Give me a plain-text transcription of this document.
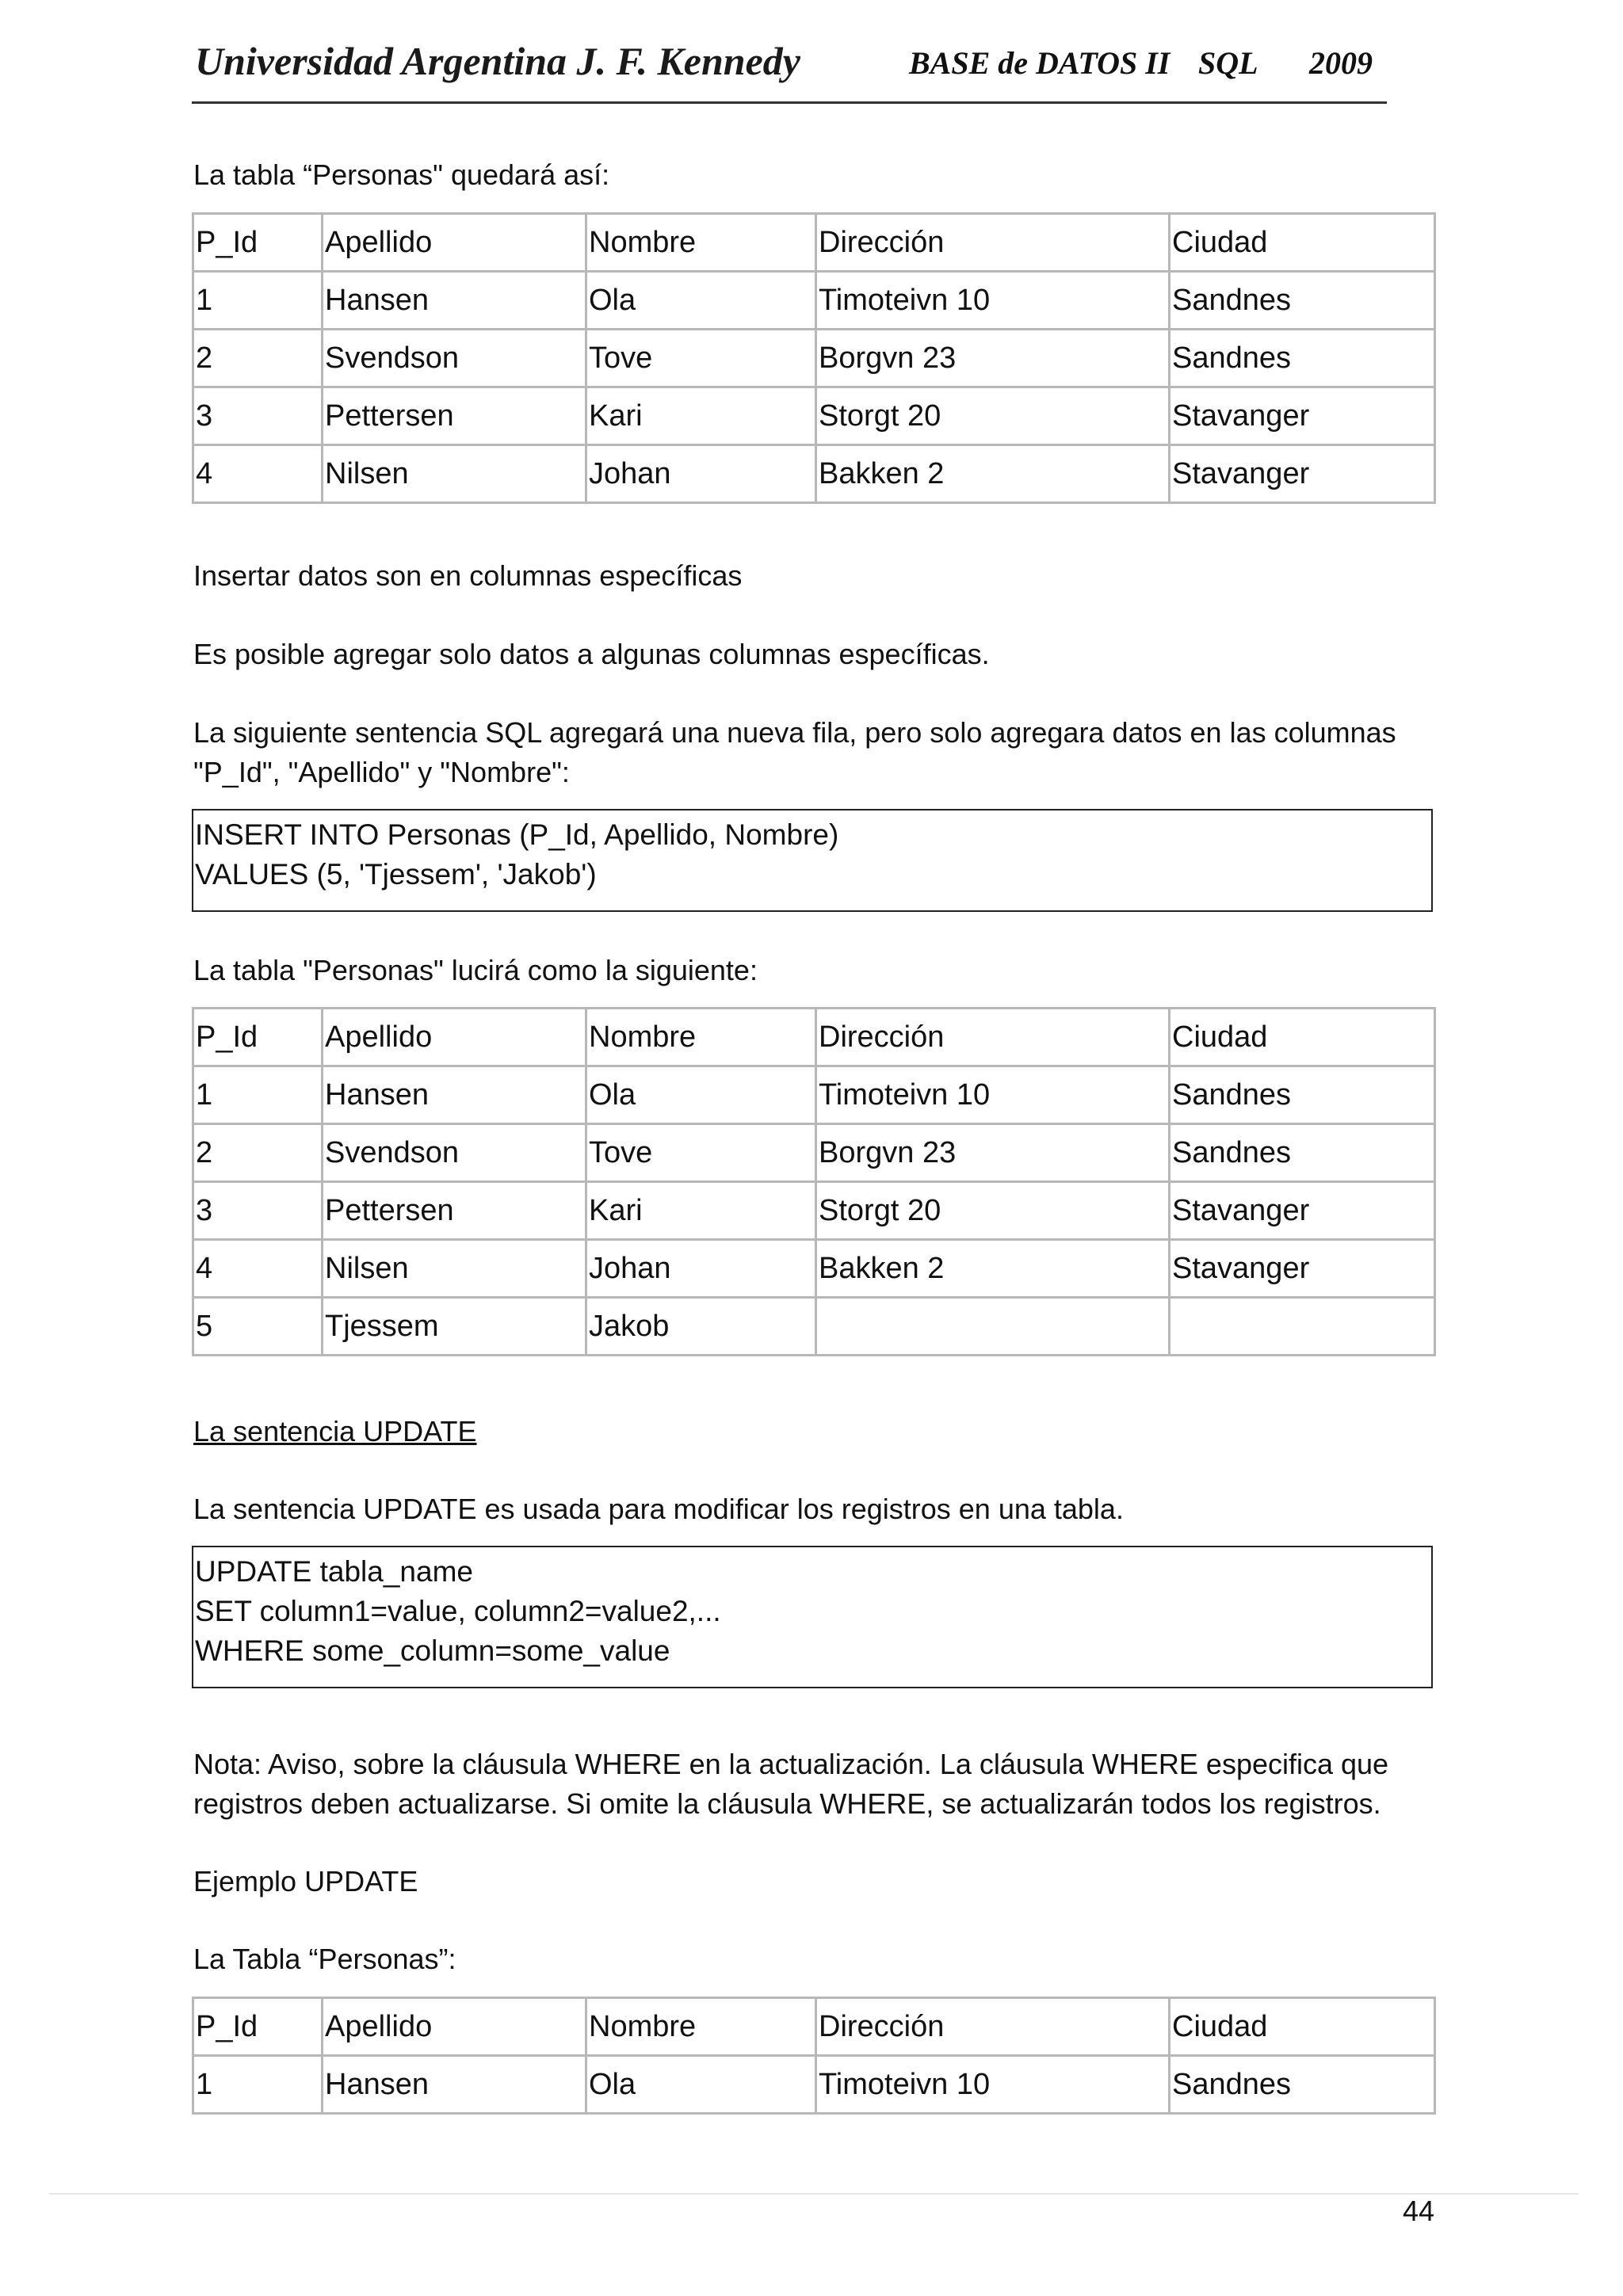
Universidad Argentina J. F. Kennedy	BASE de DATOS II SQL 2009
La tabla “Personas" quedará así:
P_Id	Apellido	Nombre	Dirección	Ciudad
1	Hansen	Ola	Timoteivn 10	Sandnes
2	Svendson	Tove	Borgvn 23	Sandnes
3	Pettersen	Kari	Storgt 20	Stavanger
4	Nilsen	Johan	Bakken 2	Stavanger
Insertar datos son en columnas específicas
Es posible agregar solo datos a algunas columnas específicas.
La siguiente sentencia SQL agregará una nueva fila, pero solo agregara datos en las columnas
"P_Id", "Apellido" y "Nombre":
INSERT INTO Personas (P_Id, Apellido, Nombre)
VALUES (5, 'Tjessem', 'Jakob')
La tabla "Personas" lucirá como la siguiente:
P_Id	Apellido	Nombre	Dirección	Ciudad
1	Hansen	Ola	Timoteivn 10	Sandnes
2	Svendson	Tove	Borgvn 23	Sandnes
3	Pettersen	Kari	Storgt 20	Stavanger
4	Nilsen	Johan	Bakken 2	Stavanger
5	Tjessem	Jakob		
La sentencia UPDATE
La sentencia UPDATE es usada para modificar los registros en una tabla.
UPDATE tabla_name
SET column1=value, column2=value2,...
WHERE some_column=some_value
Nota: Aviso, sobre la cláusula WHERE en la actualización. La cláusula WHERE especifica que
registros deben actualizarse. Si omite la cláusula WHERE, se actualizarán todos los registros.
Ejemplo UPDATE
La Tabla “Personas”:
P_Id	Apellido	Nombre	Dirección	Ciudad
1	Hansen	Ola	Timoteivn 10	Sandnes
44
